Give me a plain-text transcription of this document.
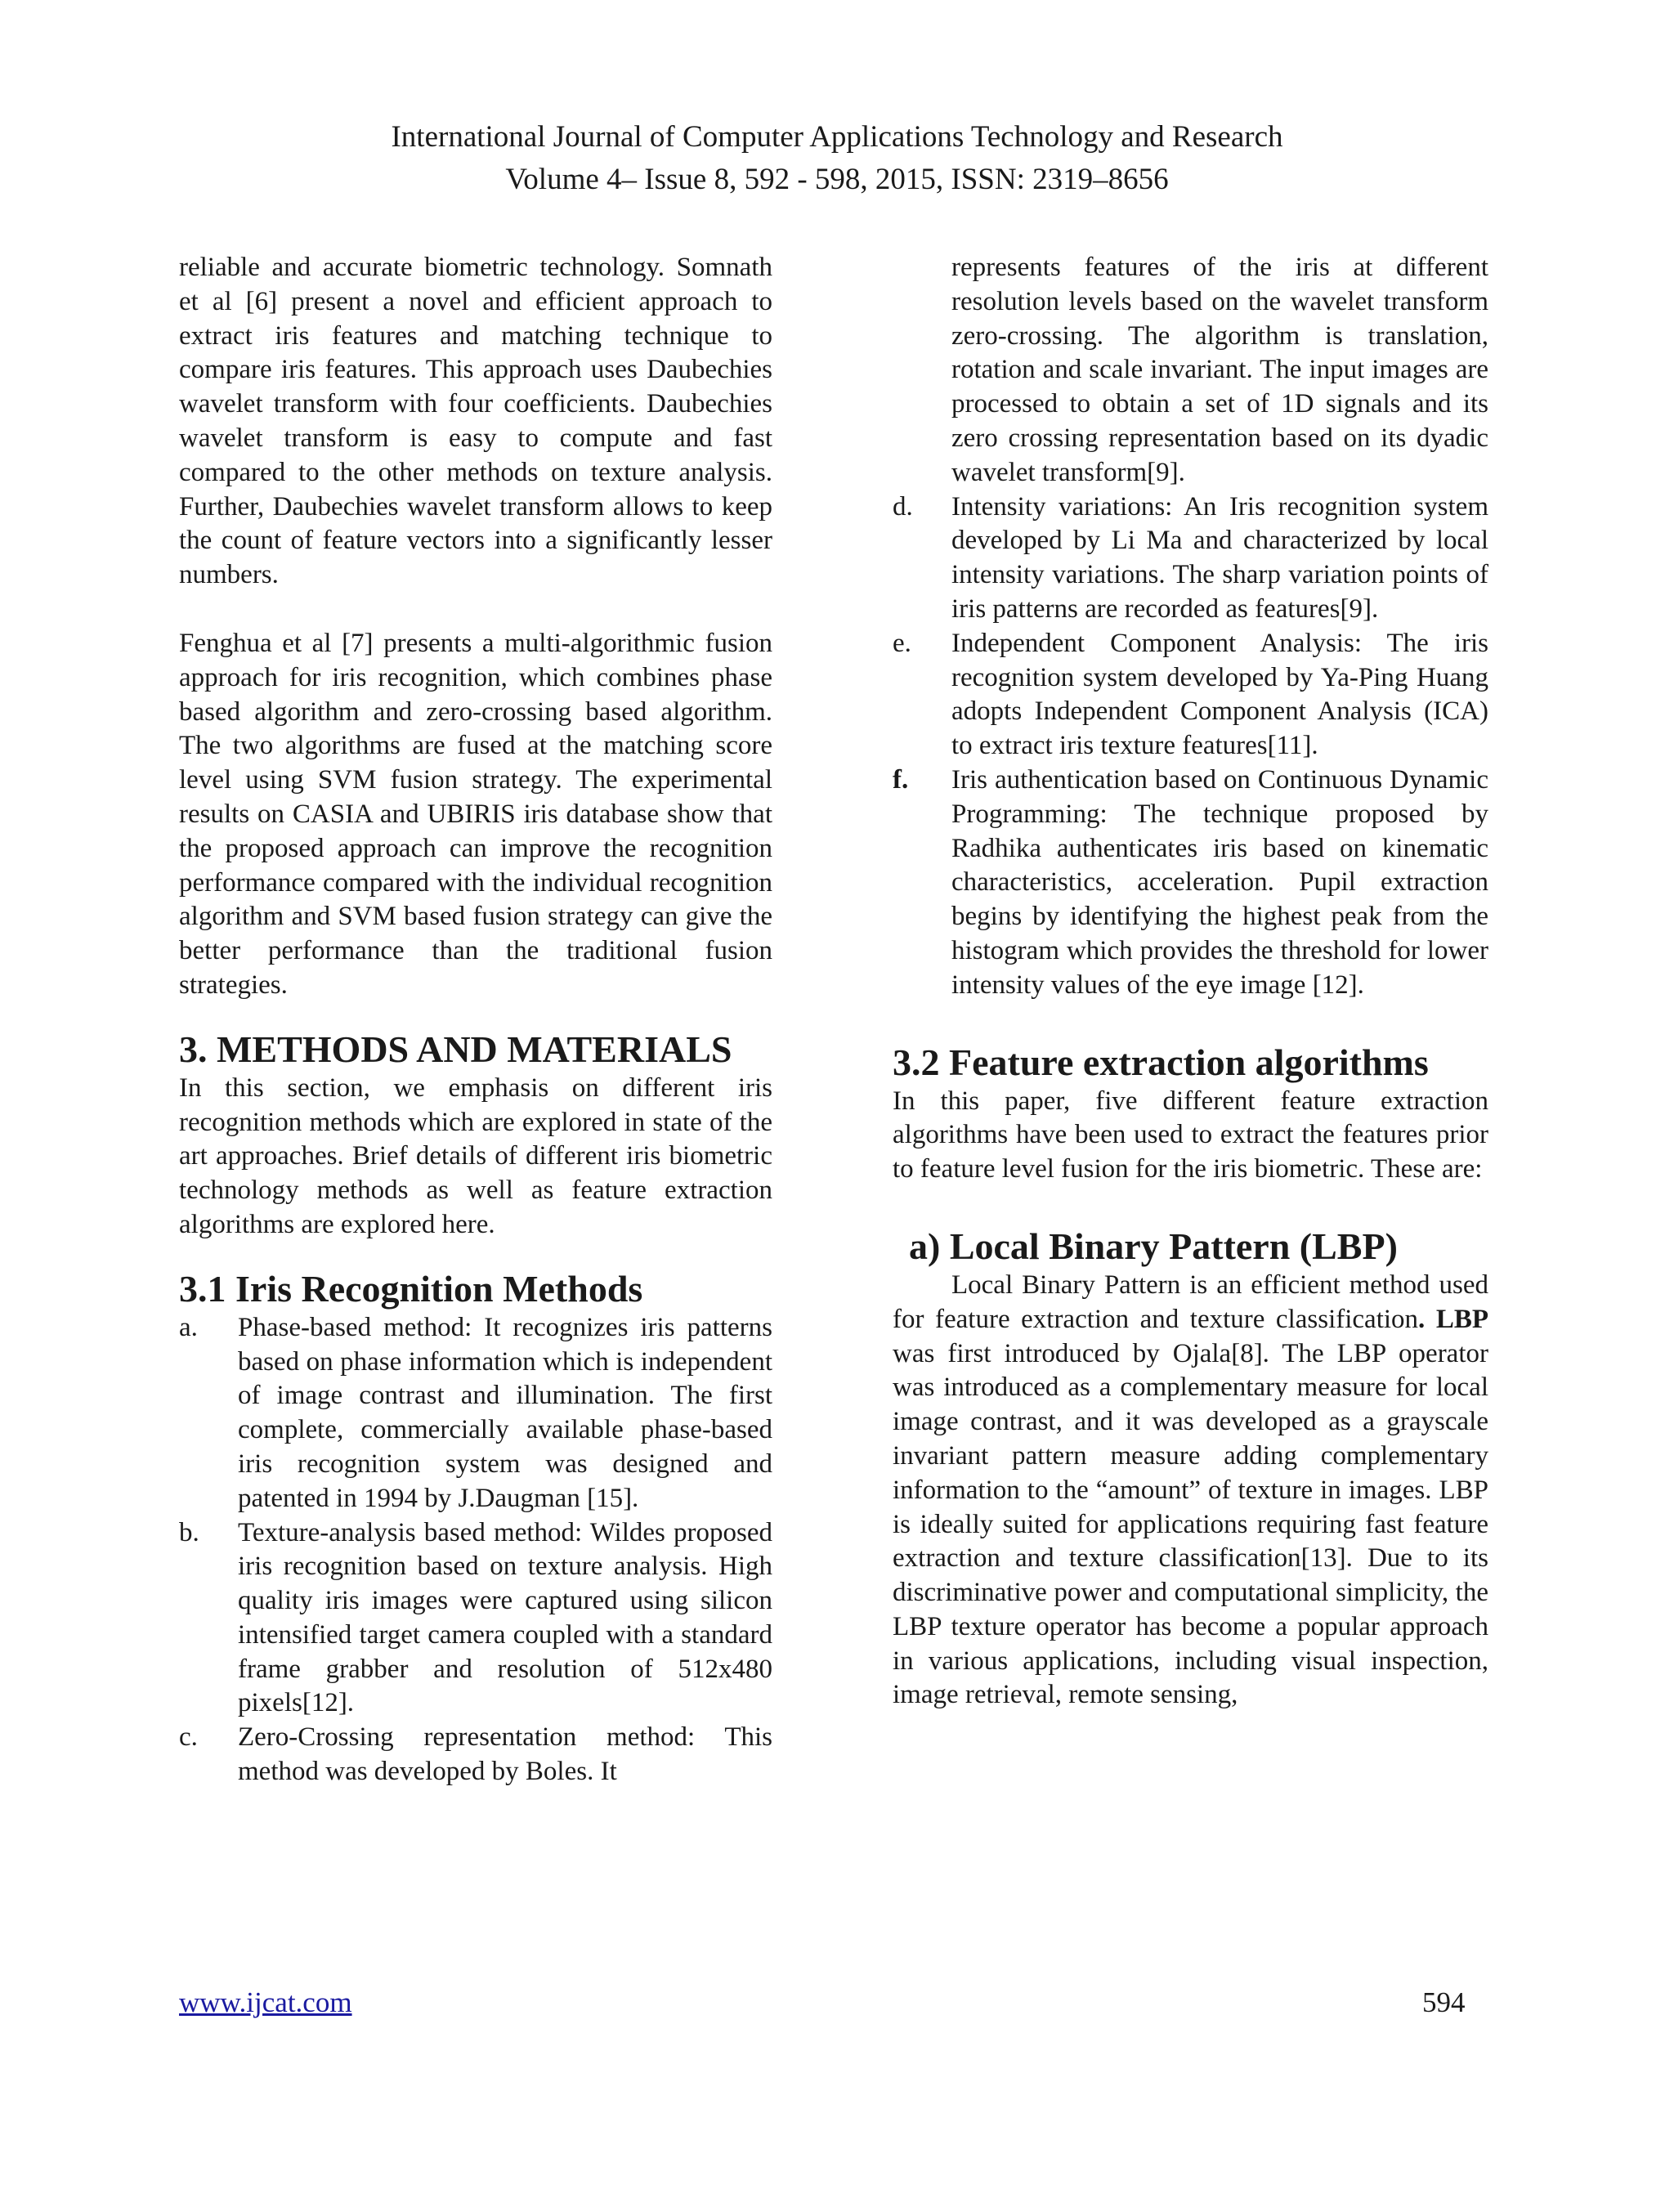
International Journal of Computer Applications Technology and Research
Volume 4– Issue 8, 592 - 598, 2015, ISSN: 2319–8656

reliable and accurate biometric technology. Somnath et al [6] present a novel and efficient approach to extract iris features and matching technique to compare iris features. This approach uses Daubechies wavelet transform with four coefficients. Daubechies wavelet transform is easy to compute and fast compared to the other methods on texture analysis. Further, Daubechies wavelet transform allows to keep the count of feature vectors into a significantly lesser numbers.

Fenghua et al [7] presents a multi-algorithmic fusion approach for iris recognition, which combines phase based algorithm and zero-crossing based algorithm. The two algorithms are fused at the matching score level using SVM fusion strategy. The experimental results on CASIA and UBIRIS iris database show that the proposed approach can improve the recognition performance compared with the individual recognition algorithm and SVM based fusion strategy can give the better performance than the traditional fusion strategies.

3. METHODS AND MATERIALS

In this section, we emphasis on different iris recognition methods which are explored in state of the art approaches. Brief details of different iris biometric technology methods as well as feature extraction algorithms are explored here.

3.1 Iris Recognition Methods
a.	Phase-based method: It recognizes iris patterns based on phase information which is independent of image contrast and illumination. The first complete, commercially available phase-based iris recognition system was designed and patented in 1994 by J.Daugman [15].
b.	Texture-analysis based method: Wildes proposed iris recognition based on texture analysis. High quality iris images were captured using silicon intensified target camera coupled with a standard frame grabber and resolution of 512x480 pixels[12].
c.	Zero-Crossing representation method: This method was developed by Boles. It

represents features of the iris at different resolution levels based on the wavelet transform zero-crossing. The algorithm is translation, rotation and scale invariant. The input images are processed to obtain a set of 1D signals and its zero crossing representation based on its dyadic wavelet transform[9].

d.	Intensity variations: An Iris recognition system developed by Li Ma and characterized by local intensity variations. The sharp variation points of iris patterns are recorded as features[9].
e.	Independent Component Analysis: The iris recognition system developed by Ya-Ping Huang adopts Independent Component Analysis (ICA) to extract iris texture features[11].
f.	Iris authentication based on Continuous Dynamic Programming: The technique proposed by Radhika authenticates iris based on kinematic characteristics, acceleration. Pupil extraction begins by identifying the highest peak from the histogram which provides the threshold for lower intensity values of the eye image [12].
3.2 Feature extraction algorithms

In this paper, five different feature extraction algorithms have been used to extract the features prior to feature level fusion for the iris biometric. These are:

a) Local Binary Pattern (LBP)

Local Binary Pattern is an efficient method used for feature extraction and texture classification. LBP was first introduced by Ojala[8]. The LBP operator was introduced as a complementary measure for local image contrast, and it was developed as a grayscale invariant pattern measure adding complementary information to the “amount” of texture in images. LBP is ideally suited for applications requiring fast feature extraction and texture classification[13]. Due to its discriminative power and computational simplicity, the LBP texture operator has become a popular approach in various applications, including visual inspection, image retrieval, remote sensing,

www.ijcat.com	594
